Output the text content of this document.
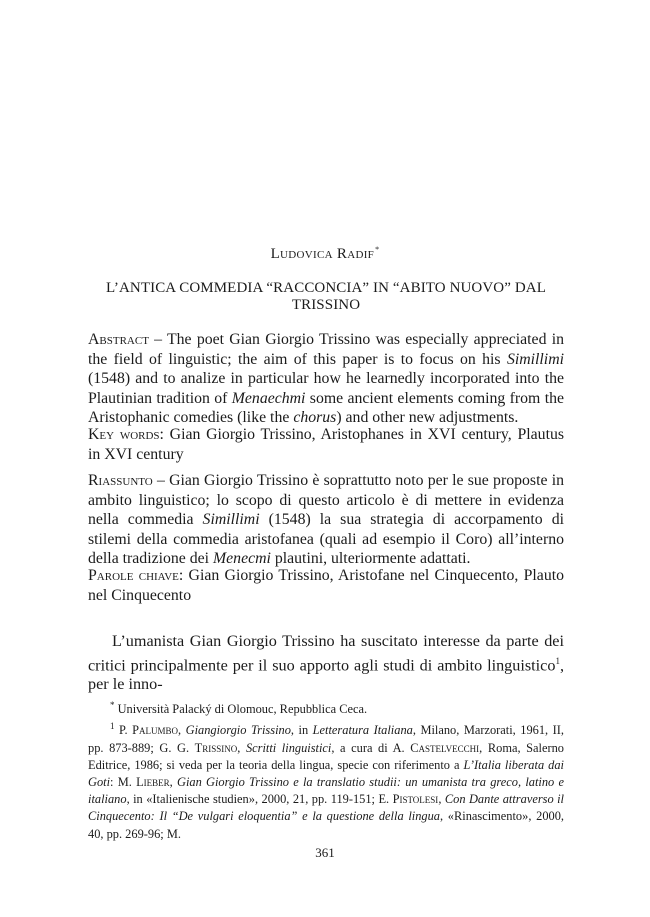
Ludovica Radif*
L’ANTICA COMMEDIA “RACCONCIA” IN “ABITO NUOVO” DAL TRISSINO
Abstract – The poet Gian Giorgio Trissino was especially appreciated in the field of linguistic; the aim of this paper is to focus on his Simillimi (1548) and to analize in particular how he learnedly incorporated into the Plautinian tradition of Menaechmi some ancient elements coming from the Aristophanic comedies (like the chorus) and other new adjustments.
Key words: Gian Giorgio Trissino, Aristophanes in XVI century, Plautus in XVI century
Riassunto – Gian Giorgio Trissino è soprattutto noto per le sue proposte in ambito linguistico; lo scopo di questo articolo è di mettere in evidenza nella commedia Simillimi (1548) la sua strategia di accorpamento di stilemi della commedia aristofanea (quali ad esempio il Coro) all’interno della tradizione dei Menecmi plautini, ulteriormente adattati.
Parole chiave: Gian Giorgio Trissino, Aristofane nel Cinquecento, Plauto nel Cinquecento
L’umanista Gian Giorgio Trissino ha suscitato interesse da parte dei critici principalmente per il suo apporto agli studi di ambito linguistico$^1$, per le inno-
* Università Palacký di Olomouc, Repubblica Ceca.
$^1$ P. Palumbo, Giangiorgio Trissino, in Letteratura Italiana, Milano, Marzorati, 1961, II, pp. 873-889; G. G. Trissino, Scritti linguistici, a cura di A. Castelvecchi, Roma, Salerno Editrice, 1986; si veda per la teoria della lingua, specie con riferimento a L’Italia liberata dai Goti: M. Lieber, Gian Giorgio Trissino e la translatio studii: un umanista tra greco, latino e italiano, in «Italienische studien», 2000, 21, pp. 119-151; E. Pistolesi, Con Dante attraverso il Cinquecento: Il “De vulgari eloquentia” e la questione della lingua, «Rinascimento», 2000, 40, pp. 269-96; M.
361
